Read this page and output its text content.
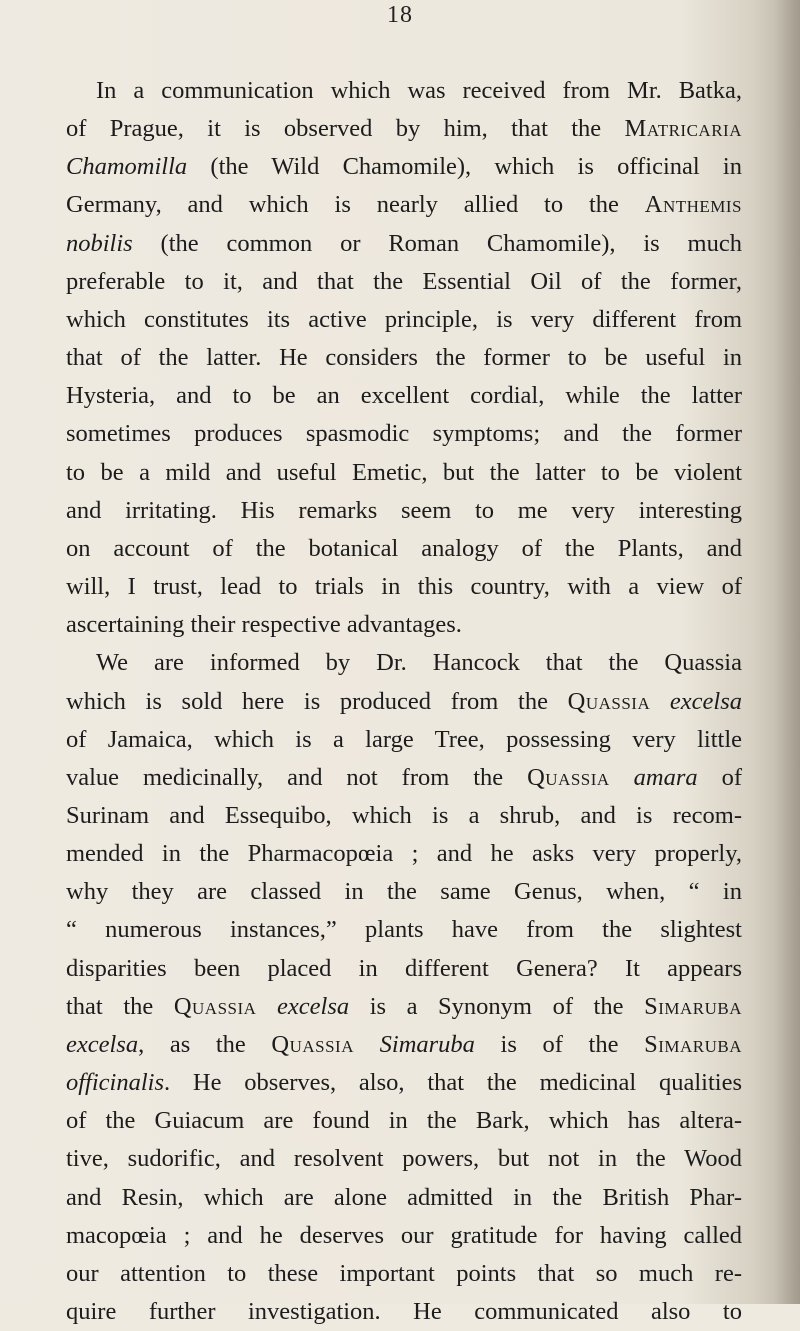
18
In a communication which was received from Mr. Batka,
of Prague, it is observed by him, that the Matricaria
Chamomilla (the Wild Chamomile), which is officinal in
Germany, and which is nearly allied to the Anthemis
nobilis (the common or Roman Chamomile), is much
preferable to it, and that the Essential Oil of the former,
which constitutes its active principle, is very different from
that of the latter. He considers the former to be useful in
Hysteria, and to be an excellent cordial, while the latter
sometimes produces spasmodic symptoms; and the former
to be a mild and useful Emetic, but the latter to be violent
and irritating. His remarks seem to me very interesting
on account of the botanical analogy of the Plants, and
will, I trust, lead to trials in this country, with a view of
ascertaining their respective advantages.
We are informed by Dr. Hancock that the Quassia
which is sold here is produced from the Quassia excelsa
of Jamaica, which is a large Tree, possessing very little
value medicinally, and not from the Quassia amara of
Surinam and Essequibo, which is a shrub, and is recom-
mended in the Pharmacopœia ; and he asks very properly,
why they are classed in the same Genus, when, “ in
“ numerous instances,” plants have from the slightest
disparities been placed in different Genera? It appears
that the Quassia excelsa is a Synonym of the Simaruba
excelsa, as the Quassia Simaruba is of the Simaruba
officinalis. He observes, also, that the medicinal qualities
of the Guiacum are found in the Bark, which has altera-
tive, sudorific, and resolvent powers, but not in the Wood
and Resin, which are alone admitted in the British Phar-
macopœia ; and he deserves our gratitude for having called
our attention to these important points that so much re-
quire further investigation. He communicated also to
